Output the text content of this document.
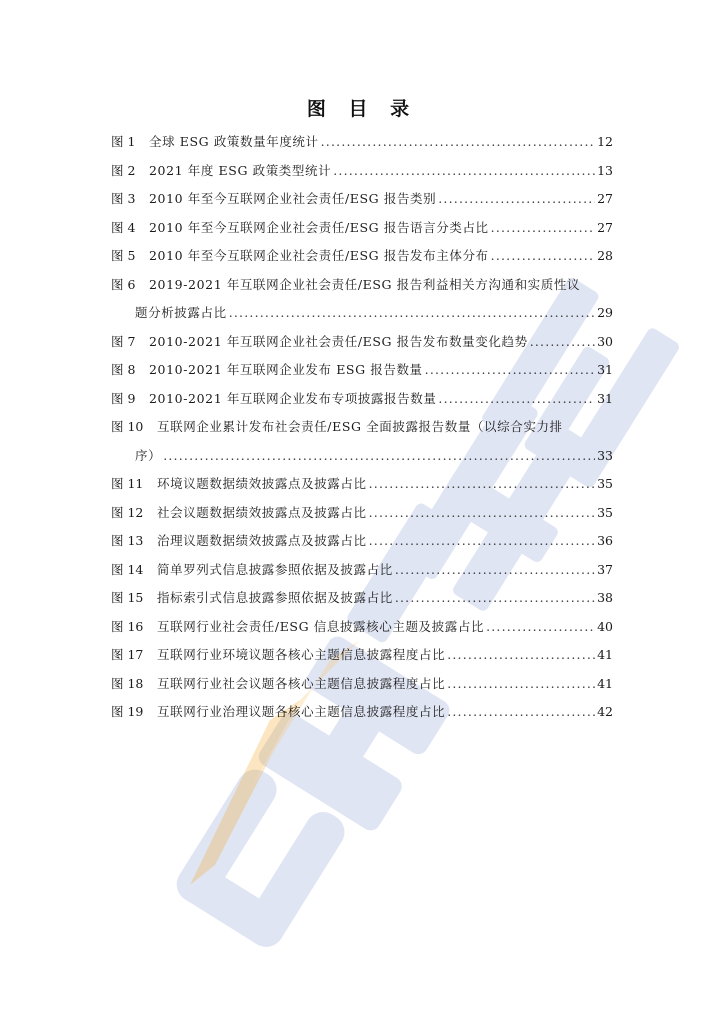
图 目 录
图 1	全球 ESG 政策数量年度统计 .....	12
图 2	2021 年度 ESG 政策类型统计 .....	13
图 3	2010 年至今互联网企业社会责任/ESG 报告类别 .....	27
图 4	2010 年至今互联网企业社会责任/ESG 报告语言分类占比 .....	27
图 5	2010 年至今互联网企业社会责任/ESG 报告发布主体分布 .....	28
图 6	2019-2021 年互联网企业社会责任/ESG 报告利益相关方沟通和实质性议
题分析披露占比 .....	29
图 7	2010-2021 年互联网企业社会责任/ESG 报告发布数量变化趋势 .....	30
图 8	2010-2021 年互联网企业发布 ESG 报告数量 .....	31
图 9	2010-2021 年互联网企业发布专项披露报告数量 .....	31
图 10	互联网企业累计发布社会责任/ESG 全面披露报告数量（以综合实力排
序） .....	33
图 11	环境议题数据绩效披露点及披露占比 .....	35
图 12	社会议题数据绩效披露点及披露占比 .....	35
图 13	治理议题数据绩效披露点及披露占比 .....	36
图 14	简单罗列式信息披露参照依据及披露占比 .....	37
图 15	指标索引式信息披露参照依据及披露占比 .....	38
图 16	互联网行业社会责任/ESG 信息披露核心主题及披露占比 .....	40
图 17	互联网行业环境议题各核心主题信息披露程度占比 .....	41
图 18	互联网行业社会议题各核心主题信息披露程度占比 .....	41
图 19	互联网行业治理议题各核心主题信息披露程度占比 .....	42
